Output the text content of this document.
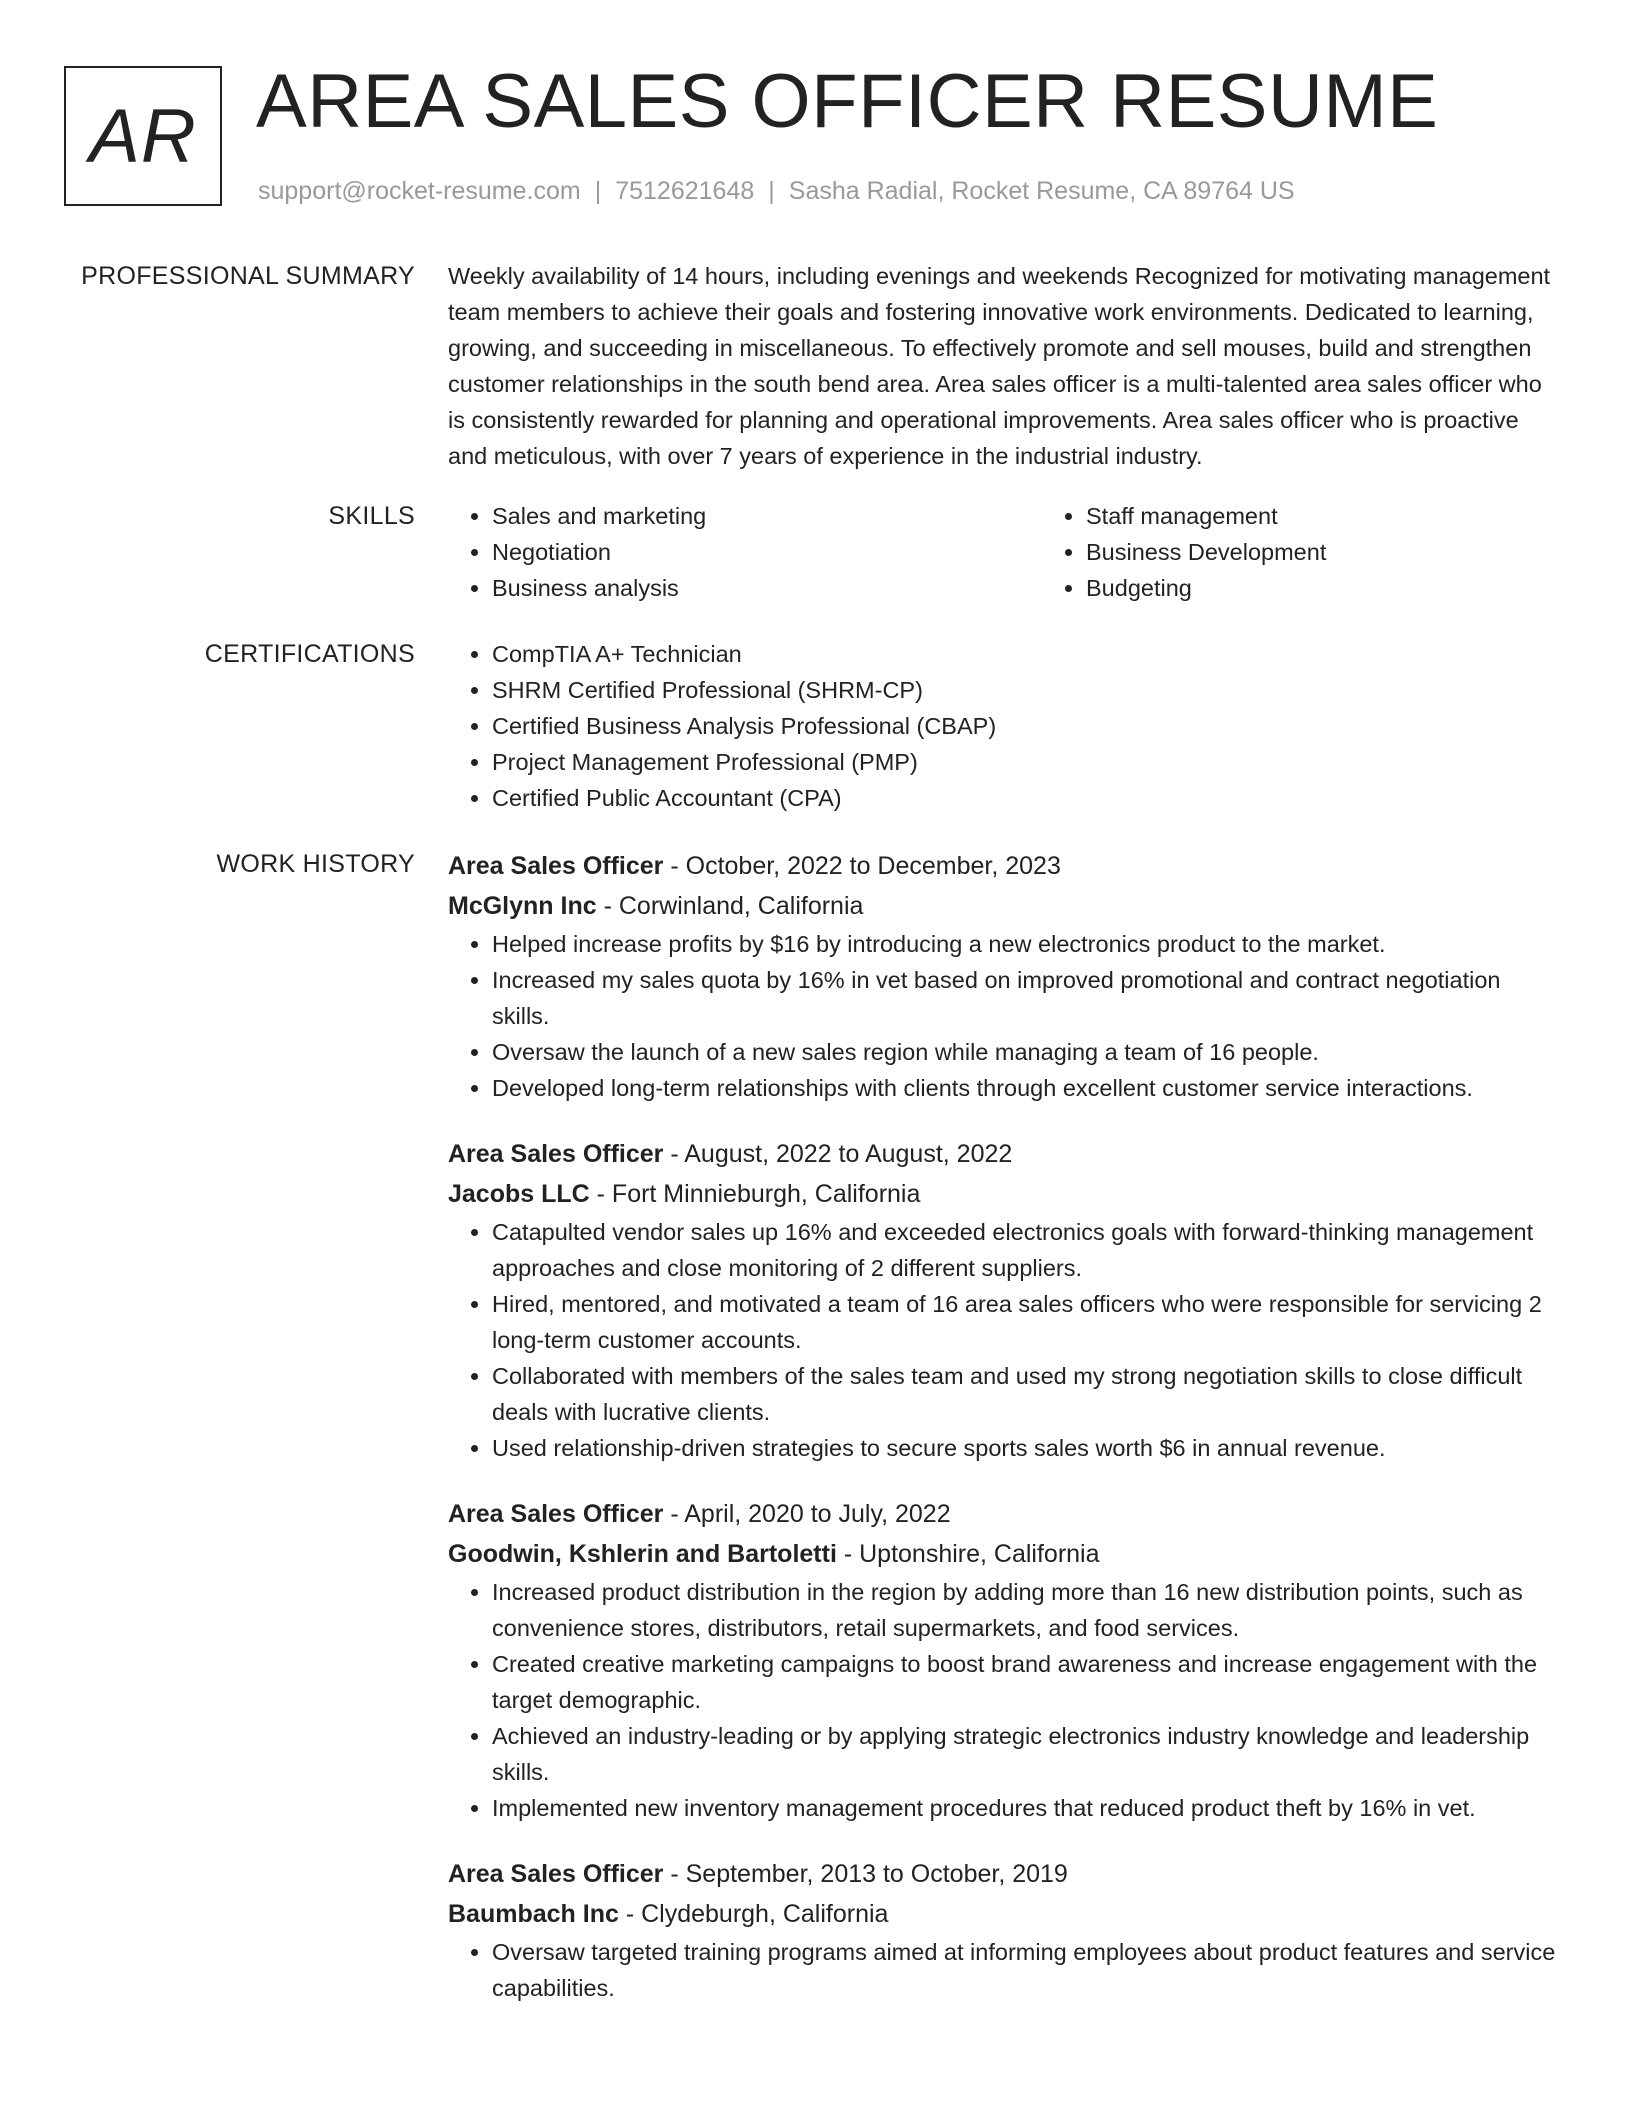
AR AREA SALES OFFICER RESUME
support@rocket-resume.com | 7512621648 | Sasha Radial, Rocket Resume, CA 89764 US
PROFESSIONAL SUMMARY Weekly availability of 14 hours, including evenings and weekends Recognized for motivating management team members to achieve their goals and fostering innovative work environments. Dedicated to learning, growing, and succeeding in miscellaneous. To effectively promote and sell mouses, build and strengthen customer relationships in the south bend area. Area sales officer is a multi-talented area sales officer who is consistently rewarded for planning and operational improvements. Area sales officer who is proactive and meticulous, with over 7 years of experience in the industrial industry.

SKILLS	• Sales and marketing
• Negotiation
• Business analysis
• Staff management
• Business Development
• Budgeting
CERTIFICATIONS	• CompTIA A+ Technician
• SHRM Certified Professional (SHRM-CP)
• Certified Business Analysis Professional (CBAP)
• Project Management Professional (PMP)
• Certified Public Accountant (CPA)
WORK HISTORY Area Sales Officer - October, 2022 to December, 2023
McGlynn Inc - Corwinland, California
• Helped increase profits by $16 by introducing a new electronics product to the market.
• Increased my sales quota by 16% in vet based on improved promotional and contract negotiation skills.
• Oversaw the launch of a new sales region while managing a team of 16 people.
• Developed long-term relationships with clients through excellent customer service interactions.
Area Sales Officer - August, 2022 to August, 2022
Jacobs LLC - Fort Minnieburgh, California
• Catapulted vendor sales up 16% and exceeded electronics goals with forward-thinking management approaches and close monitoring of 2 different suppliers.
• Hired, mentored, and motivated a team of 16 area sales officers who were responsible for servicing 2 long-term customer accounts.
• Collaborated with members of the sales team and used my strong negotiation skills to close difficult deals with lucrative clients.
• Used relationship-driven strategies to secure sports sales worth $6 in annual revenue.
Area Sales Officer - April, 2020 to July, 2022
Goodwin, Kshlerin and Bartoletti - Uptonshire, California
• Increased product distribution in the region by adding more than 16 new distribution points, such as convenience stores, distributors, retail supermarkets, and food services.
• Created creative marketing campaigns to boost brand awareness and increase engagement with the target demographic.
• Achieved an industry-leading or by applying strategic electronics industry knowledge and leadership skills.
• Implemented new inventory management procedures that reduced product theft by 16% in vet.
Area Sales Officer - September, 2013 to October, 2019
Baumbach Inc - Clydeburgh, California
• Oversaw targeted training programs aimed at informing employees about product features and service capabilities.
